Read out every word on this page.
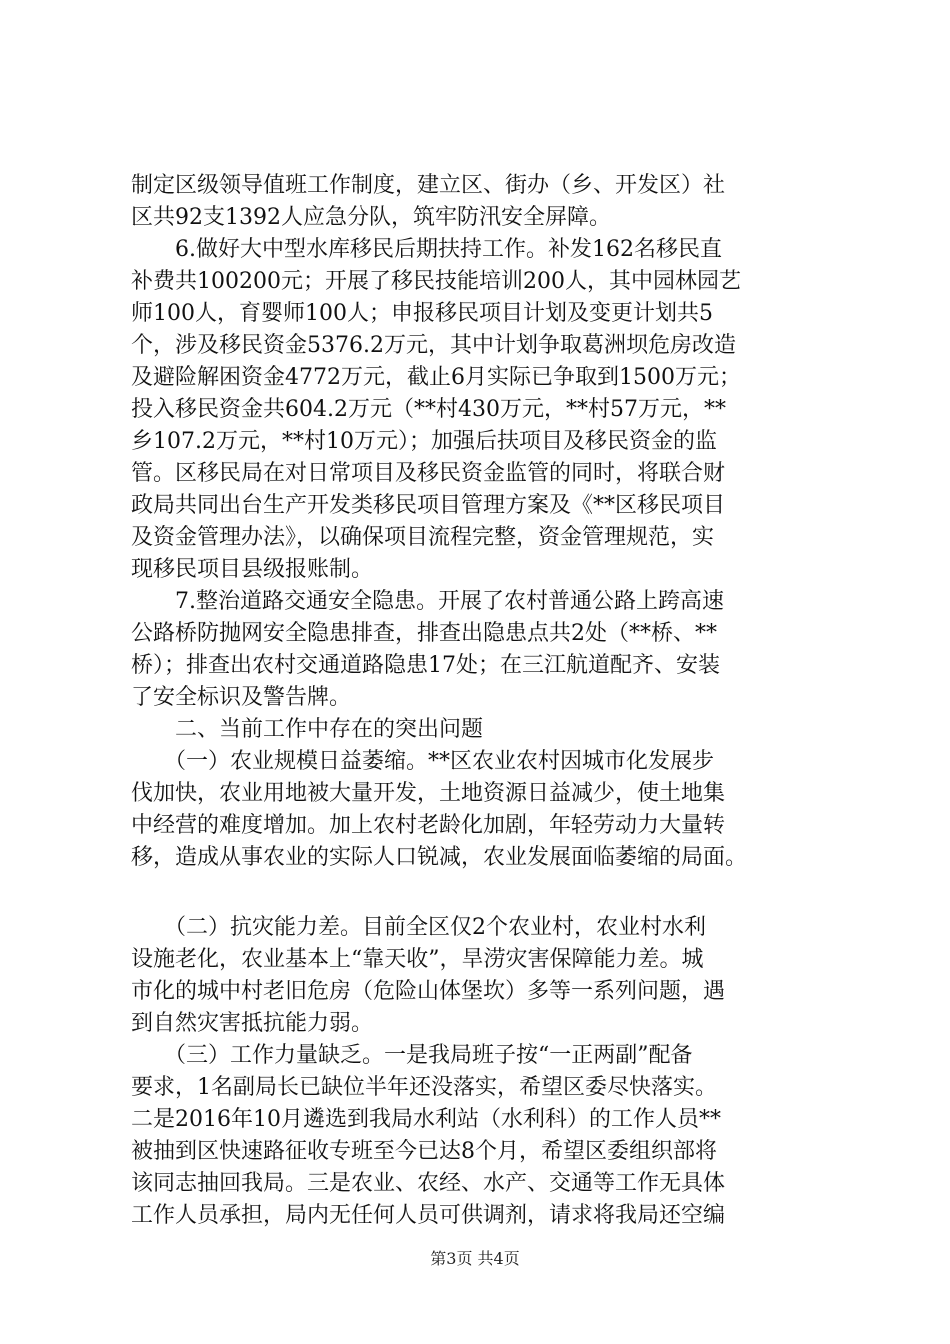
制定区级领导值班工作制度，建立区、街办（乡、开发区）社
区共92支1392人应急分队，筑牢防汛安全屏障。
　　6.做好大中型水库移民后期扶持工作。补发162名移民直
补费共100200元；开展了移民技能培训200人，其中园林园艺
师100人，育婴师100人；申报移民项目计划及变更计划共5
个，涉及移民资金5376.2万元，其中计划争取葛洲坝危房改造
及避险解困资金4772万元，截止6月实际已争取到1500万元；
投入移民资金共604.2万元（**村430万元，**村57万元，**
乡107.2万元，**村10万元）；加强后扶项目及移民资金的监
管。区移民局在对日常项目及移民资金监管的同时，将联合财
政局共同出台生产开发类移民项目管理方案及《**区移民项目
及资金管理办法》，以确保项目流程完整，资金管理规范，实
现移民项目县级报账制。
　　7.整治道路交通安全隐患。开展了农村普通公路上跨高速
公路桥防抛网安全隐患排查，排查出隐患点共2处（**桥、**
桥）；排查出农村交通道路隐患17处；在三江航道配齐、安装
了安全标识及警告牌。
　　二、当前工作中存在的突出问题
　　（一）农业规模日益萎缩。**区农业农村因城市化发展步
伐加快，农业用地被大量开发，土地资源日益减少，使土地集
中经营的难度增加。加上农村老龄化加剧，年轻劳动力大量转
移，造成从事农业的实际人口锐减，农业发展面临萎缩的局面。
　　（二）抗灾能力差。目前全区仅2个农业村，农业村水利
设施老化，农业基本上“靠天收”，旱涝灾害保障能力差。城
市化的城中村老旧危房（危险山体堡坎）多等一系列问题，遇
到自然灾害抵抗能力弱。
　　（三）工作力量缺乏。一是我局班子按“一正两副”配备
要求，1名副局长已缺位半年还没落实，希望区委尽快落实。
二是2016年10月遴选到我局水利站（水利科）的工作人员**
被抽到区快速路征收专班至今已达8个月，希望区委组织部将
该同志抽回我局。三是农业、农经、水产、交通等工作无具体
工作人员承担，局内无任何人员可供调剂，请求将我局还空编
第3页 共4页
